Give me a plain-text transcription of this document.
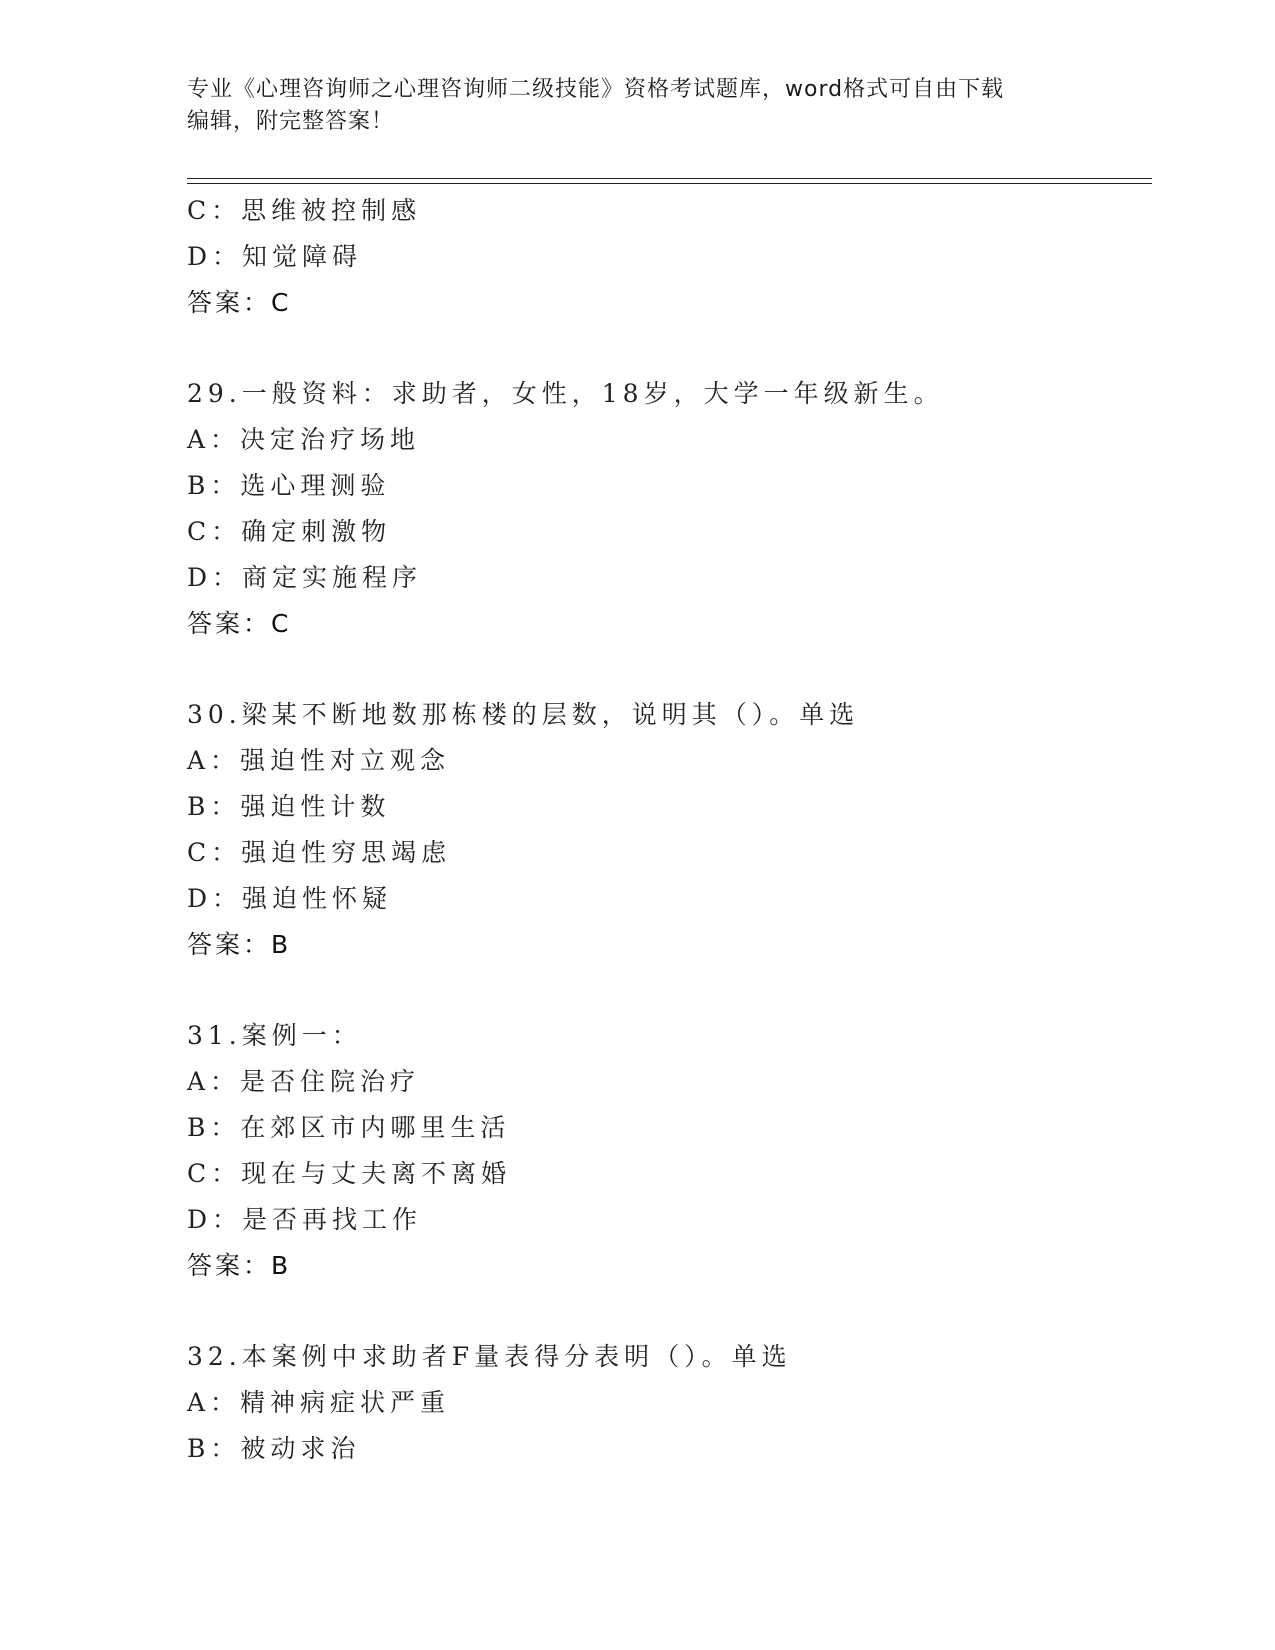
专业《心理咨询师之心理咨询师二级技能》资格考试题库，word格式可自由下载
编辑，附完整答案！
C：思维被控制感
D：知觉障碍
答案：C
29.一般资料：求助者，女性，18岁，大学一年级新生。
A：决定治疗场地
B：选心理测验
C：确定刺激物
D：商定实施程序
答案：C
30.梁某不断地数那栋楼的层数，说明其（）。单选
A：强迫性对立观念
B：强迫性计数
C：强迫性穷思竭虑
D：强迫性怀疑
答案：B
31.案例一：
A：是否住院治疗
B：在郊区市内哪里生活
C：现在与丈夫离不离婚
D：是否再找工作
答案：B
32.本案例中求助者F量表得分表明（）。单选
A：精神病症状严重
B：被动求治
